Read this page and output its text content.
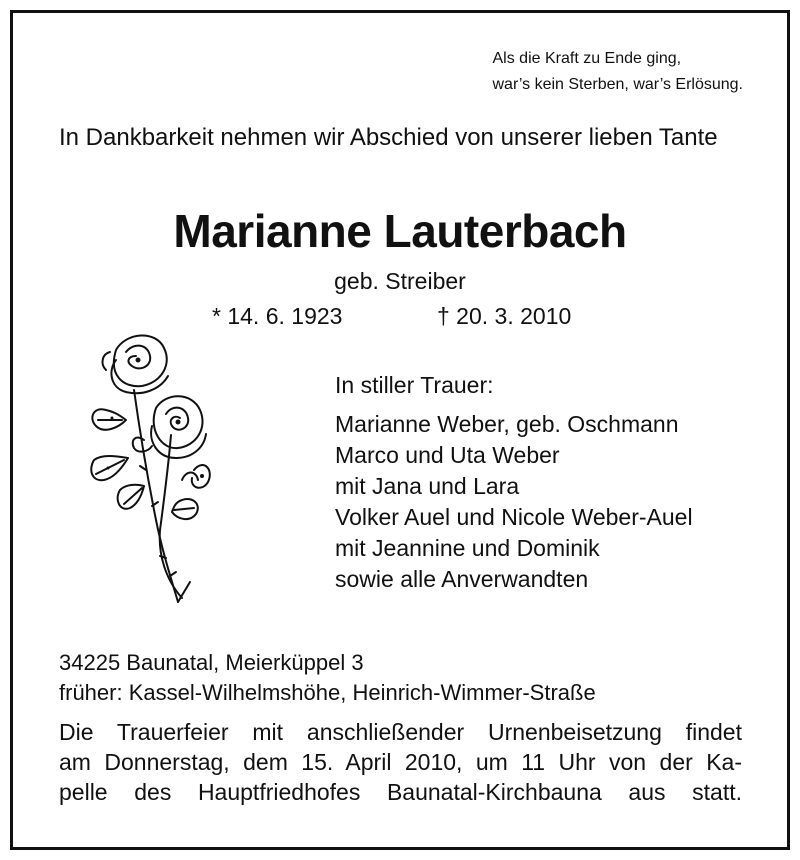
Als die Kraft zu Ende ging,
war’s kein Sterben, war’s Erlösung.
In Dankbarkeit nehmen wir Abschied von unserer lieben Tante
Marianne Lauterbach
geb. Streiber
* 14. 6. 1923	† 20. 3. 2010
In stiller Trauer:
Marianne Weber, geb. Oschmann
Marco und Uta Weber
mit Jana und Lara
Volker Auel und Nicole Weber-Auel
mit Jeannine und Dominik
sowie alle Anverwandten
34225 Baunatal, Meierküppel 3
früher: Kassel-Wilhelmshöhe, Heinrich-Wimmer-Straße
Die Trauerfeier mit anschließender Urnenbeisetzung findet
am Donnerstag, dem 15. April 2010, um 11 Uhr von der Ka-
pelle des Hauptfriedhofes Baunatal-Kirchbauna aus statt.
